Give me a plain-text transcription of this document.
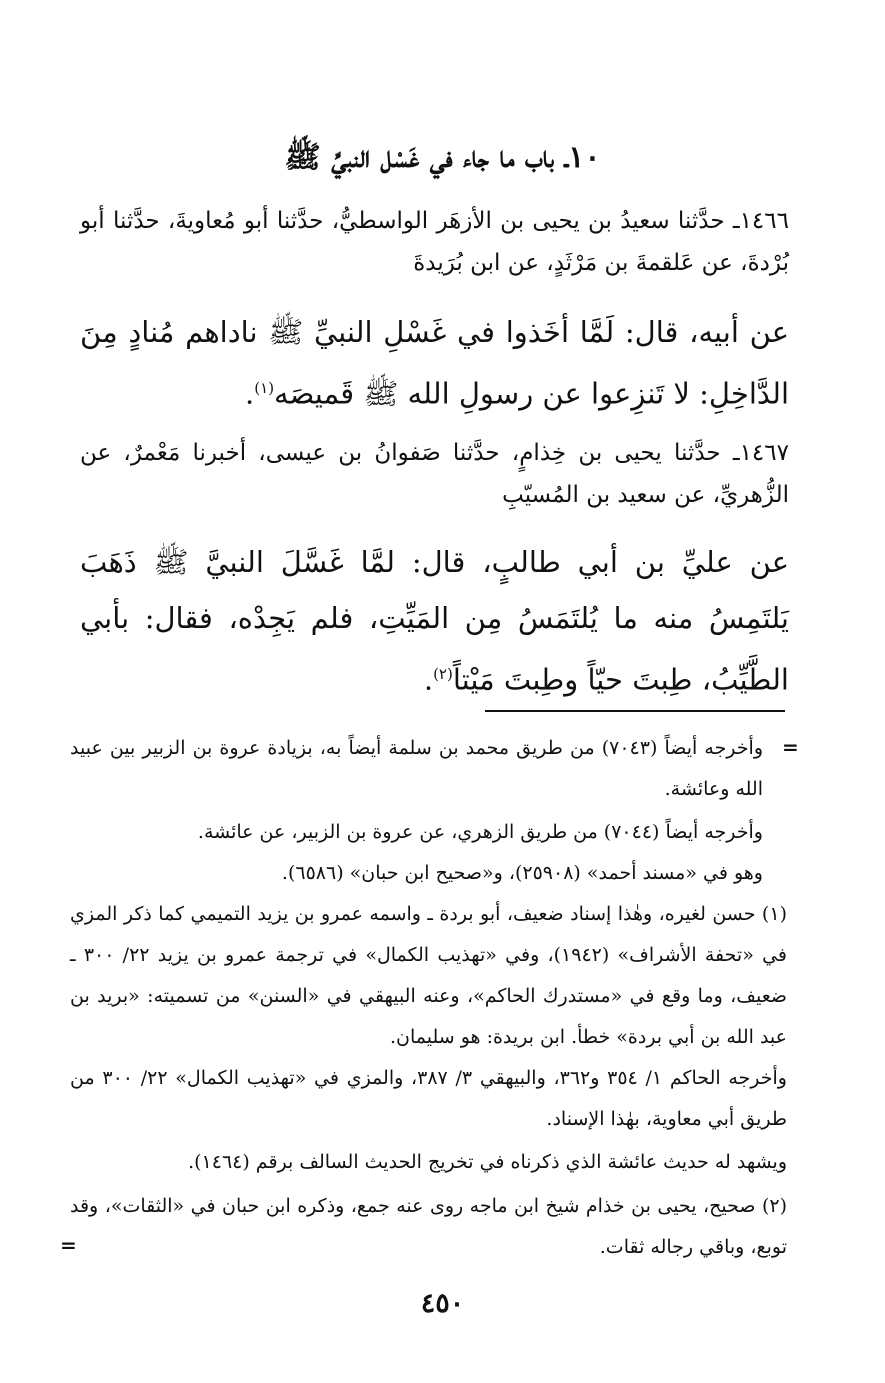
١٠ـ باب ما جاء في غَسْل النبيِّ ﷺ
١٤٦٦ـ حدَّثنا سعيدُ بن يحيى بن الأزهَر الواسطيُّ، حدَّثنا أبو مُعاويةَ، حدَّثنا أبو بُرْدةَ، عن عَلقمةَ بن مَرْثَدٍ، عن ابن بُرَيدةَ
عن أبيه، قال: لَمَّا أخَذوا في غَسْلِ النبيِّ ﷺ ناداهم مُنادٍ مِنَ الدَّاخِلِ: لا تَنزِعوا عن رسولِ الله ﷺ قَميصَه$^{(١)}$.
١٤٦٧ـ حدَّثنا يحيى بن خِذامٍ، حدَّثنا صَفوانُ بن عيسى، أخبرنا مَعْمرٌ، عن الزُّهريِّ، عن سعيد بن المُسيّبِ
عن عليِّ بن أبي طالبٍ، قال: لمَّا غَسَّلَ النبيَّ ﷺ ذَهَبَ يَلتَمِسُ منه ما يُلتَمَسُ مِن المَيِّتِ، فلم يَجِدْه، فقال: بأبي الطَّيِّبُ، طِبتَ حيّاً وطِبتَ مَيْتاً$^{(٢)}$.
=
وأخرجه أيضاً (٧٠٤٣) من طريق محمد بن سلمة أيضاً به، بزيادة عروة بن الزبير بين عبيد الله وعائشة.
وأخرجه أيضاً (٧٠٤٤) من طريق الزهري، عن عروة بن الزبير، عن عائشة.
وهو في «مسند أحمد» (٢٥٩٠٨)، و«صحيح ابن حبان» (٦٥٨٦).
(١) حسن لغيره، وهٰذا إسناد ضعيف، أبو بردة ـ واسمه عمرو بن يزيد التميمي كما ذكر المزي في «تحفة الأشراف» (١٩٤٢)، وفي «تهذيب الكمال» في ترجمة عمرو بن يزيد ٢٢/ ٣٠٠ ـ ضعيف، وما وقع في «مستدرك الحاكم»، وعنه البيهقي في «السنن» من تسميته: «بريد بن عبد الله بن أبي بردة» خطأ. ابن بريدة: هو سليمان.
وأخرجه الحاكم ١/ ٣٥٤ و٣٦٢، والبيهقي ٣/ ٣٨٧، والمزي في «تهذيب الكمال» ٢٢/ ٣٠٠ من طريق أبي معاوية، بهٰذا الإسناد.
ويشهد له حديث عائشة الذي ذكرناه في تخريج الحديث السالف برقم (١٤٦٤).
(٢) صحيح، يحيى بن خذام شيخ ابن ماجه روى عنه جمع، وذكره ابن حبان في «الثقات»، وقد توبع، وباقي رجاله ثقات.
=
٤٥٠
